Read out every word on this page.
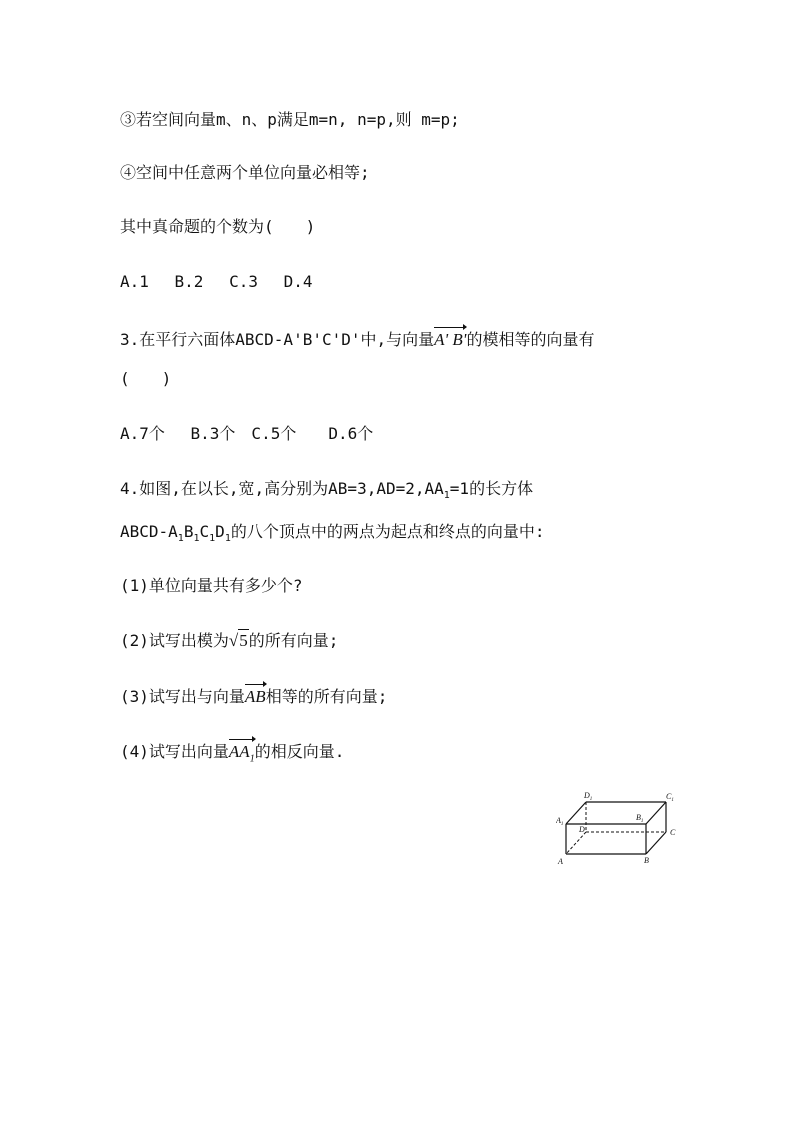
③若空间向量m、n、p满足m=n, n=p,则 m=p;
④空间中任意两个单位向量必相等;
其中真命题的个数为(　　)
A.1　 B.2　 C.3　 D.4
3.在平行六面体ABCD-A'B'C'D'中,与向量A' B'的模相等的向量有
(　　)
A.7个　 B.3个　C.5个　　D.6个
4.如图,在以长,宽,高分别为$AB=3,AD=2,AA_1=1$的长方体
ABCD-$A_1B_1C_1D_1$的八个顶点中的两点为起点和终点的向量中:
(1)单位向量共有多少个?
(2)试写出模为√5的所有向量;
(3)试写出与向量AB相等的所有向量;
(4)试写出向量$AA_1$的相反向量.
A	B
C
D
$A_1$
$B_1$
$C_1$
$D_1$
